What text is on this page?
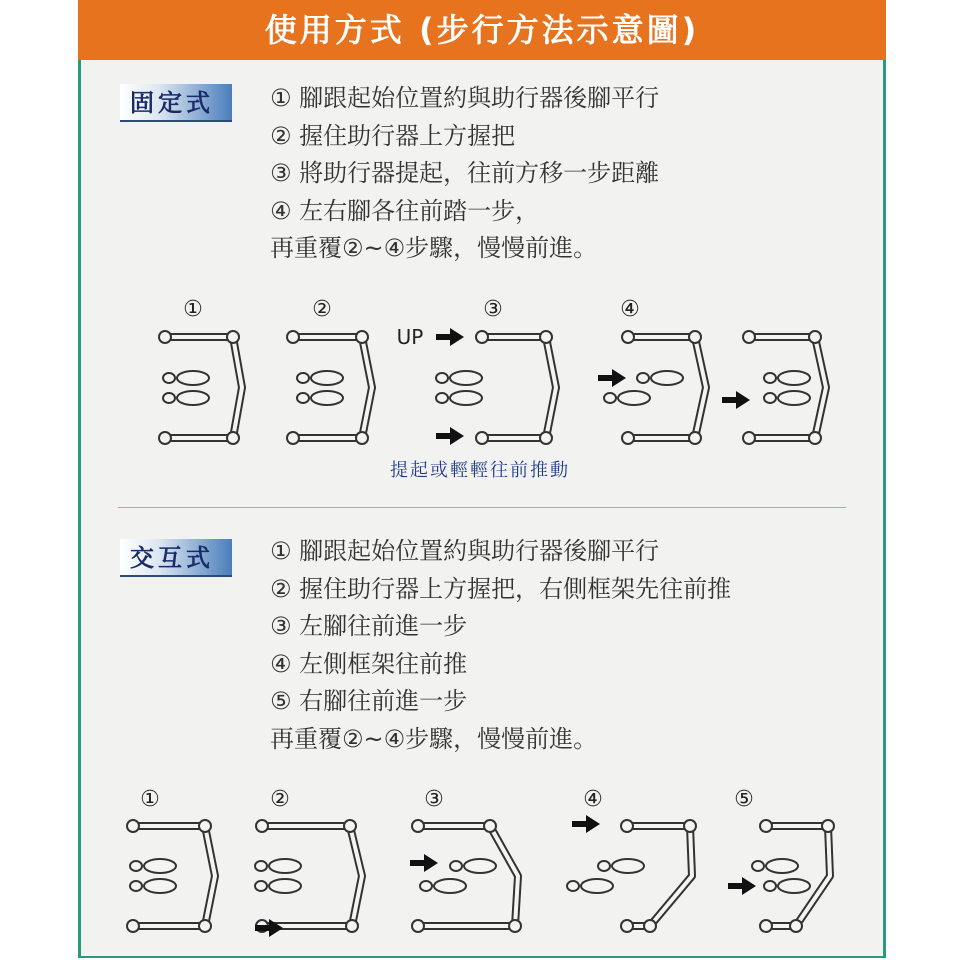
使用方式 (步行方法示意圖)
固定式	① 腳跟起始位置約與助行器後腳平行
② 握住助行器上方握把
③ 將助行器提起，往前方移一步距離
④ 左右腳各往前踏一步，
再重覆②~④步驟，慢慢前進。
提起或輕輕往前推動
交互式	① 腳跟起始位置約與助行器後腳平行
② 握住助行器上方握把，右側框架先往前推
③ 左腳往前進一步
④ 左側框架往前推
⑤ 右腳往前進一步
再重覆②~④步驟，慢慢前進。
①	②	③	④
UP
①	②	③	④	⑤
